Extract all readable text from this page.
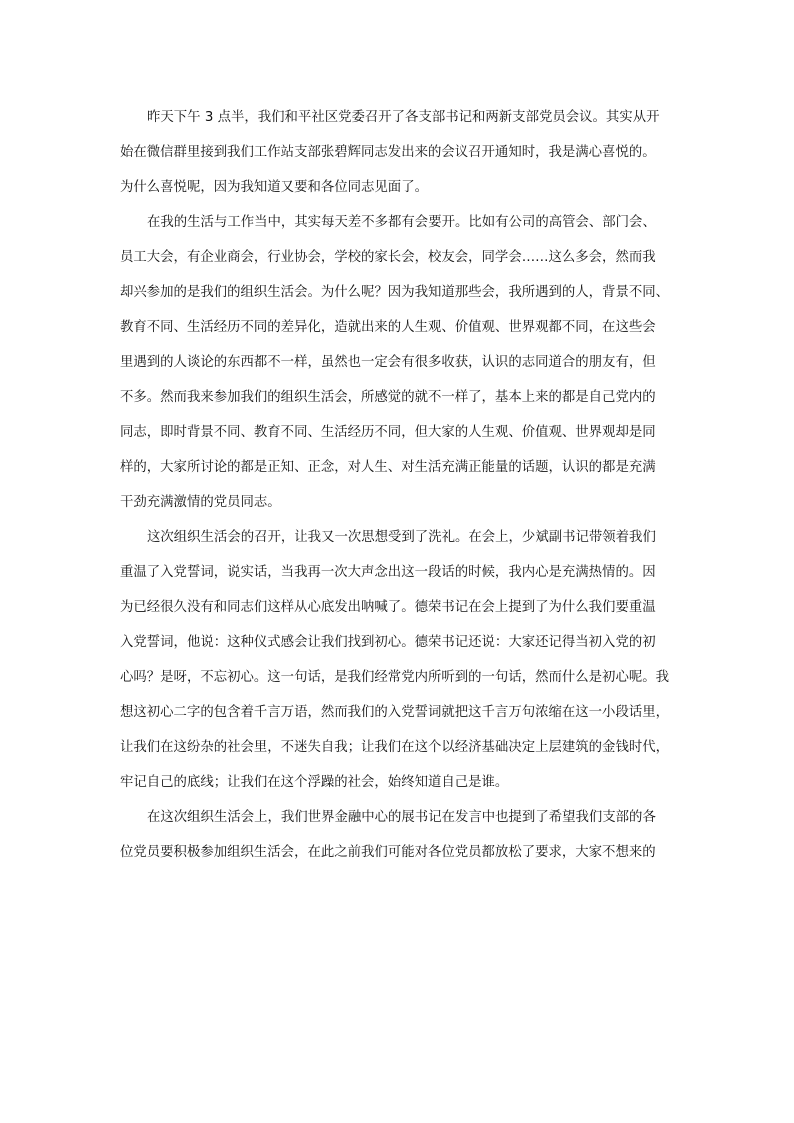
昨天下午 3 点半，我们和平社区党委召开了各支部书记和两新支部党员会议。其实从开
始在微信群里接到我们工作站支部张碧辉同志发出来的会议召开通知时，我是满心喜悦的。
为什么喜悦呢，因为我知道又要和各位同志见面了。
在我的生活与工作当中，其实每天差不多都有会要开。比如有公司的高管会、部门会、
员工大会，有企业商会，行业协会，学校的家长会，校友会，同学会……这么多会，然而我
却兴参加的是我们的组织生活会。为什么呢？因为我知道那些会，我所遇到的人，背景不同、
教育不同、生活经历不同的差异化，造就出来的人生观、价值观、世界观都不同，在这些会
里遇到的人谈论的东西都不一样，虽然也一定会有很多收获，认识的志同道合的朋友有，但
不多。然而我来参加我们的组织生活会，所感觉的就不一样了，基本上来的都是自己党内的
同志，即时背景不同、教育不同、生活经历不同，但大家的人生观、价值观、世界观却是同
样的，大家所讨论的都是正知、正念，对人生、对生活充满正能量的话题，认识的都是充满
干劲充满激情的党员同志。
这次组织生活会的召开，让我又一次思想受到了洗礼。在会上，少斌副书记带领着我们
重温了入党誓词，说实话，当我再一次大声念出这一段话的时候，我内心是充满热情的。因
为已经很久没有和同志们这样从心底发出呐喊了。德荣书记在会上提到了为什么我们要重温
入党誓词，他说：这种仪式感会让我们找到初心。德荣书记还说：大家还记得当初入党的初
心吗？是呀，不忘初心。这一句话，是我们经常党内所听到的一句话，然而什么是初心呢。我
想这初心二字的包含着千言万语，然而我们的入党誓词就把这千言万句浓缩在这一小段话里，
让我们在这纷杂的社会里，不迷失自我；让我们在这个以经济基础决定上层建筑的金钱时代，
牢记自己的底线；让我们在这个浮躁的社会，始终知道自己是谁。
在这次组织生活会上，我们世界金融中心的展书记在发言中也提到了希望我们支部的各
位党员要积极参加组织生活会，在此之前我们可能对各位党员都放松了要求，大家不想来的
